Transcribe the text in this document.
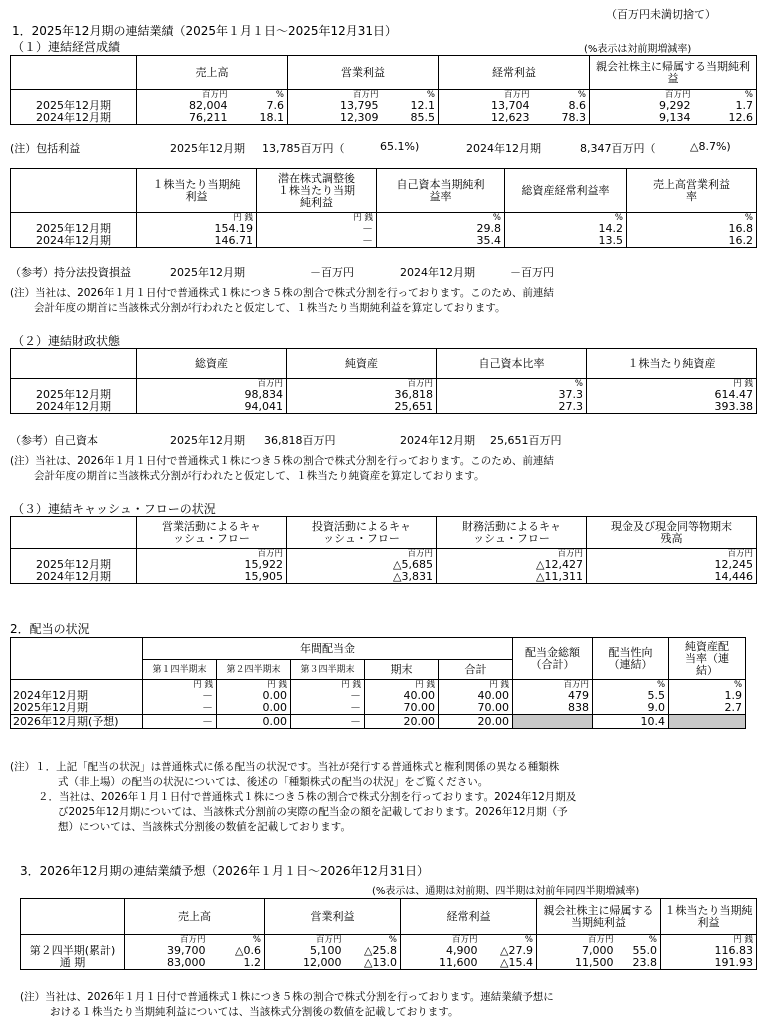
（百万円未満切捨て）
1．2025年12月期の連結業績（2025年１月１日～2025年12月31日）
（１）連結経営成績	(%表示は対前期増減率)
	売上高		営業利益		経常利益		親会社株主に帰属する当期純利益	
	百万円	%	百万円	%	百万円	%	百万円	%
2025年12月期	82,004	7.6	13,795	12.1	13,704	8.6	9,292	1.7
2024年12月期	76,211	18.1	12,309	85.5	12,623	78.3	9,134	12.6
(注）包括利益	2025年12月期 13,785百万円（	65.1%)	2024年12月期	8,347百万円（	△8.7%)
	１株当たり当期純利益	潜在株式調整後１株当たり当期純利益	自己資本当期純利益率	総資産経常利益率	売上高営業利益率
	円 銭	円 銭	%	%	%
2025年12月期	154.19	－	29.8	14.2	16.8
2024年12月期	146.71	－	35.4	13.5	16.2
（参考）持分法投資損益	2025年12月期	－百万円	2024年12月期	－百万円
(注）当社は、2026年１月１日付で普通株式１株につき５株の割合で株式分割を行っております。このため、前連結
会計年度の期首に当該株式分割が行われたと仮定して、１株当たり当期純利益を算定しております。
（２）連結財政状態
	総資産	純資産	自己資本比率	１株当たり純資産
	百万円	百万円	%	円 銭
2025年12月期	98,834	36,818	37.3	614.47
2024年12月期	94,041	25,651	27.3	393.38
（参考）自己資本	2025年12月期 36,818百万円	2024年12月期 25,651百万円
(注）当社は、2026年１月１日付で普通株式１株につき５株の割合で株式分割を行っております。このため、前連結
会計年度の期首に当該株式分割が行われたと仮定して、１株当たり純資産を算定しております。
（３）連結キャッシュ・フローの状況
	営業活動によるキャッシュ・フロー	投資活動によるキャッシュ・フロー	財務活動によるキャッシュ・フロー	現金及び現金同等物期末残高
	百万円	百万円	百万円	百万円
2025年12月期	15,922	△5,685	△12,427	12,245
2024年12月期	15,905	△3,831	△11,311	14,446
2．配当の状況
	年間配当金					配当金総額（合計）	配当性向（連結）	純資産配当率（連結）
	第１四半期末	第２四半期末	第３四半期末	期末	合計			
	円 銭	円 銭	円 銭	円 銭	円 銭	百万円	%	%
2024年12月期	－	0.00	－	40.00	40.00	479	5.5	1.9
2025年12月期	－	0.00	－	70.00	70.00	838	9.0	2.7
2026年12月期(予想)	－	0.00	－	20.00	20.00		10.4	
(注）１．上記「配当の状況」は普通株式に係る配当の状況です。当社が発行する普通株式と権利関係の異なる種類株
式（非上場）の配当の状況については、後述の「種類株式の配当の状況」をご覧ください。
２．当社は、2026年１月１日付で普通株式１株につき５株の割合で株式分割を行っております。2024年12月期及
び2025年12月期については、当該株式分割前の実際の配当金の額を記載しております。2026年12月期（予
想）については、当該株式分割後の数値を記載しております。
3．2026年12月期の連結業績予想（2026年１月１日～2026年12月31日）
(%表示は、通期は対前期、四半期は対前年同四半期増減率)
	売上高		営業利益		経常利益		親会社株主に帰属する当期純利益		１株当たり当期純利益
	百万円	%	百万円	%	百万円	%	百万円	%	円 銭
第２四半期(累計)	39,700	△0.6	5,100	△25.8	4,900	△27.9	7,000	55.0	116.83
通 期	83,000	1.2	12,000	△13.0	11,600	△15.4	11,500	23.8	191.93
(注）当社は、2026年１月１日付で普通株式１株につき５株の割合で株式分割を行っております。連結業績予想に
おける１株当たり当期純利益については、当該株式分割後の数値を記載しております。
